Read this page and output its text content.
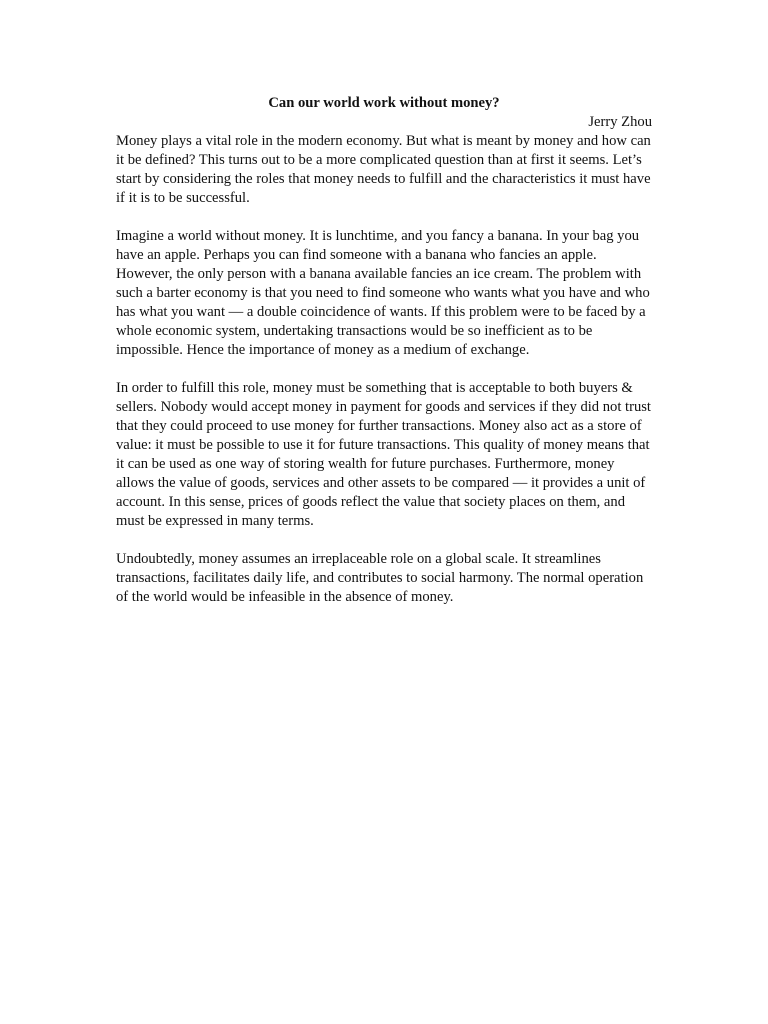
Can our world work without money?

Jerry Zhou

Money plays a vital role in the modern economy. But what is meant by money and how can it be defined? This turns out to be a more complicated question than at first it seems. Let’s start by considering the roles that money needs to fulfill and the characteristics it must have if it is to be successful.

Imagine a world without money. It is lunchtime, and you fancy a banana. In your bag you have an apple. Perhaps you can find someone with a banana who fancies an apple. However, the only person with a banana available fancies an ice cream. The problem with such a barter economy is that you need to find someone who wants what you have and who has what you want — a double coincidence of wants. If this problem were to be faced by a whole economic system, undertaking transactions would be so inefficient as to be impossible. Hence the importance of money as a medium of exchange.

In order to fulfill this role, money must be something that is acceptable to both buyers & sellers. Nobody would accept money in payment for goods and services if they did not trust that they could proceed to use money for further transactions. Money also act as a store of value: it must be possible to use it for future transactions. This quality of money means that it can be used as one way of storing wealth for future purchases. Furthermore, money allows the value of goods, services and other assets to be compared — it provides a unit of account. In this sense, prices of goods reflect the value that society places on them, and must be expressed in many terms.

Undoubtedly, money assumes an irreplaceable role on a global scale. It streamlines transactions, facilitates daily life, and contributes to social harmony. The normal operation of the world would be infeasible in the absence of money.
